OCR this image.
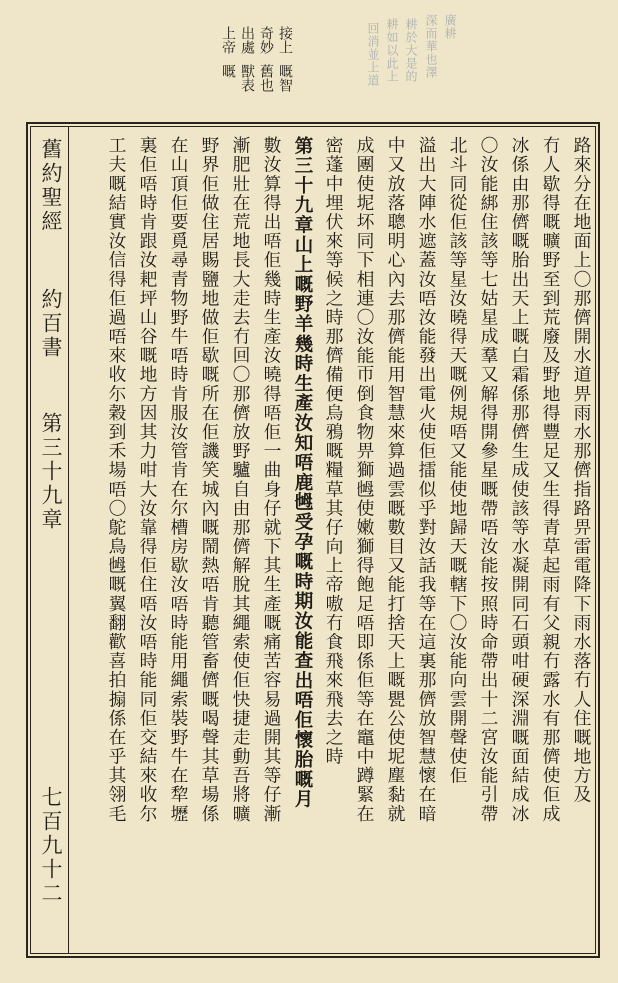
廣耕
深而華也澤
耕於大是的
耕如以此上
回消並上道
接上
奇妙
出處
上帝
嘅智
舊也
獸表
嘅
舊約聖經
約百書
第三十九章
七百九十二
路來分在地面上〇那儕開水道畀雨水那儕指路畀雷電降下雨水落冇人住嘅地方及
冇人歇得嘅曠野至到荒廢及野地得豐足又生得青草起雨有父親冇露水有那儕使佢成
冰係由那儕嘅胎出天上嘅白霜係那儕生成使該等水凝開同石頭咁硬深淵嘅面結成冰
〇汝能綁住該等七姑星成羣又解得開參星嘅帶唔汝能按照時命帶出十二宮汝能引帶
北斗同從佢該等星汝曉得天嘅例規唔又能使地歸天嘅轄下〇汝能向雲開聲使佢
溢出大陣水遮蓋汝唔汝能發出電火使佢擂似乎對汝話我等在這裏那儕放智慧懷在暗
中又放落聰明心內去那儕能用智慧來算過雲嘅數目又能打捨天上嘅甖公使坭塵黏就
成團使坭坏同下相連〇汝能帀倒食物畀獅乸使嫩獅得飽足唔即係佢等在竈中蹲緊在
密蓬中埋伏來等候之時那儕備便烏鴉嘅糧草其仔向上帝嗷冇食飛來飛去之時
第三十九章山上嘅野羊幾時生產汝知唔鹿乸受孕嘅時期汝能查出唔佢懷胎嘅月
數汝算得出唔佢幾時生產汝曉得唔佢一曲身仔就下其生產嘅痛苦容易過開其等仔漸
漸肥壯在荒地長大走去冇回〇那儕放野驢自由那儕解脫其繩索使佢快捷走動吾將曠
野界佢做住居賜鹽地做佢歇嘅所在佢譏笑城內嘅鬧熱唔肯聽管畜儕嘅喝聲其草場係
在山頂佢要覓尋青物野牛唔時肯服汝管肯在尔槽房歇汝唔時能用繩索裝野牛在犂壢
裏佢唔時肯跟汝耙坪山谷嘅地方因其力咁大汝靠得佢住唔汝唔時能同佢交結來收尔
工夫嘅結實汝信得佢過唔來收尓穀到禾場唔〇鴕鳥乸嘅翼翻歡喜拍搧係在乎其翎毛
